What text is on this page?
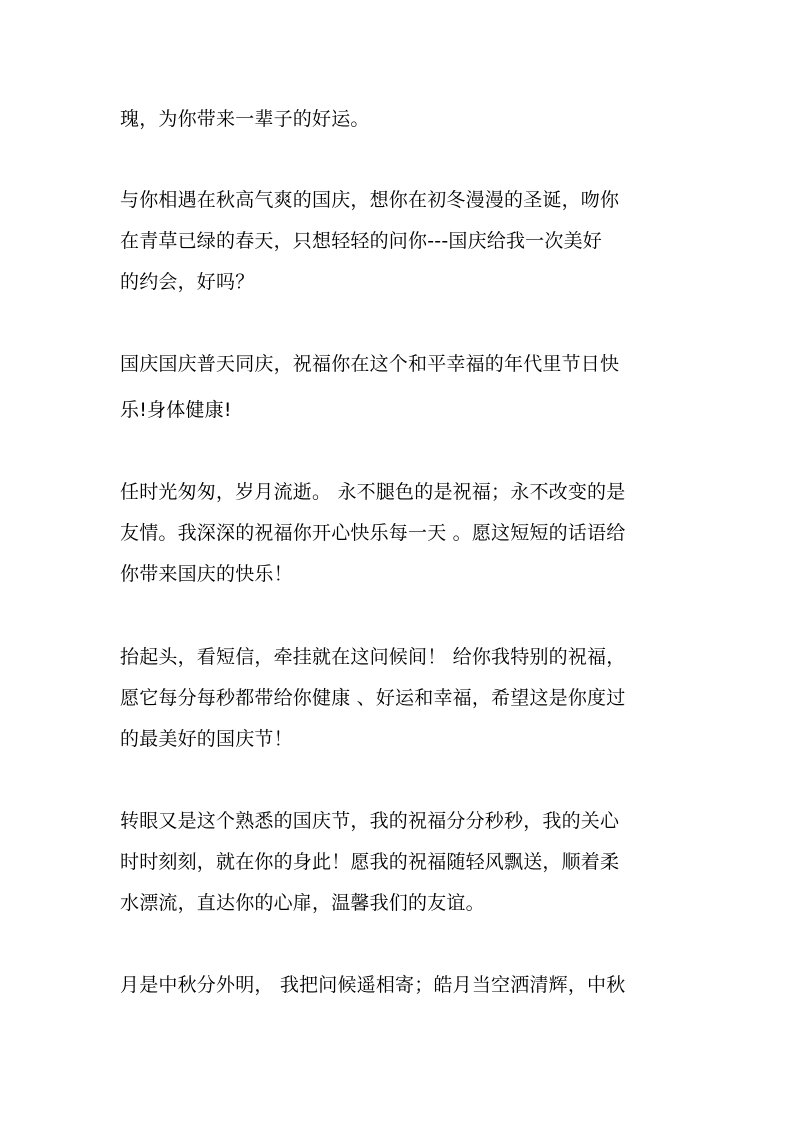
瑰，为你带来一辈子的好运。
与你相遇在秋高气爽的国庆，想你在初冬漫漫的圣诞，吻你
在青草已绿的春天，只想轻轻的问你---国庆给我一次美好
的约会，好吗？
国庆国庆普天同庆，祝福你在这个和平幸福的年代里节日快
乐!身体健康!
任时光匆匆，岁月流逝。 永不腿色的是祝福；永不改变的是
友情。我深深的祝福你开心快乐每一天 。愿这短短的话语给
你带来国庆的快乐！
抬起头，看短信，牵挂就在这问候间！ 给你我特别的祝福，
愿它每分每秒都带给你健康 、好运和幸福，希望这是你度过
的最美好的国庆节！
转眼又是这个熟悉的国庆节，我的祝福分分秒秒，我的关心
时时刻刻，就在你的身此！愿我的祝福随轻风飘送，顺着柔
水漂流，直达你的心扉，温馨我们的友谊。
月是中秋分外明， 我把问候遥相寄；皓月当空洒清辉，中秋
